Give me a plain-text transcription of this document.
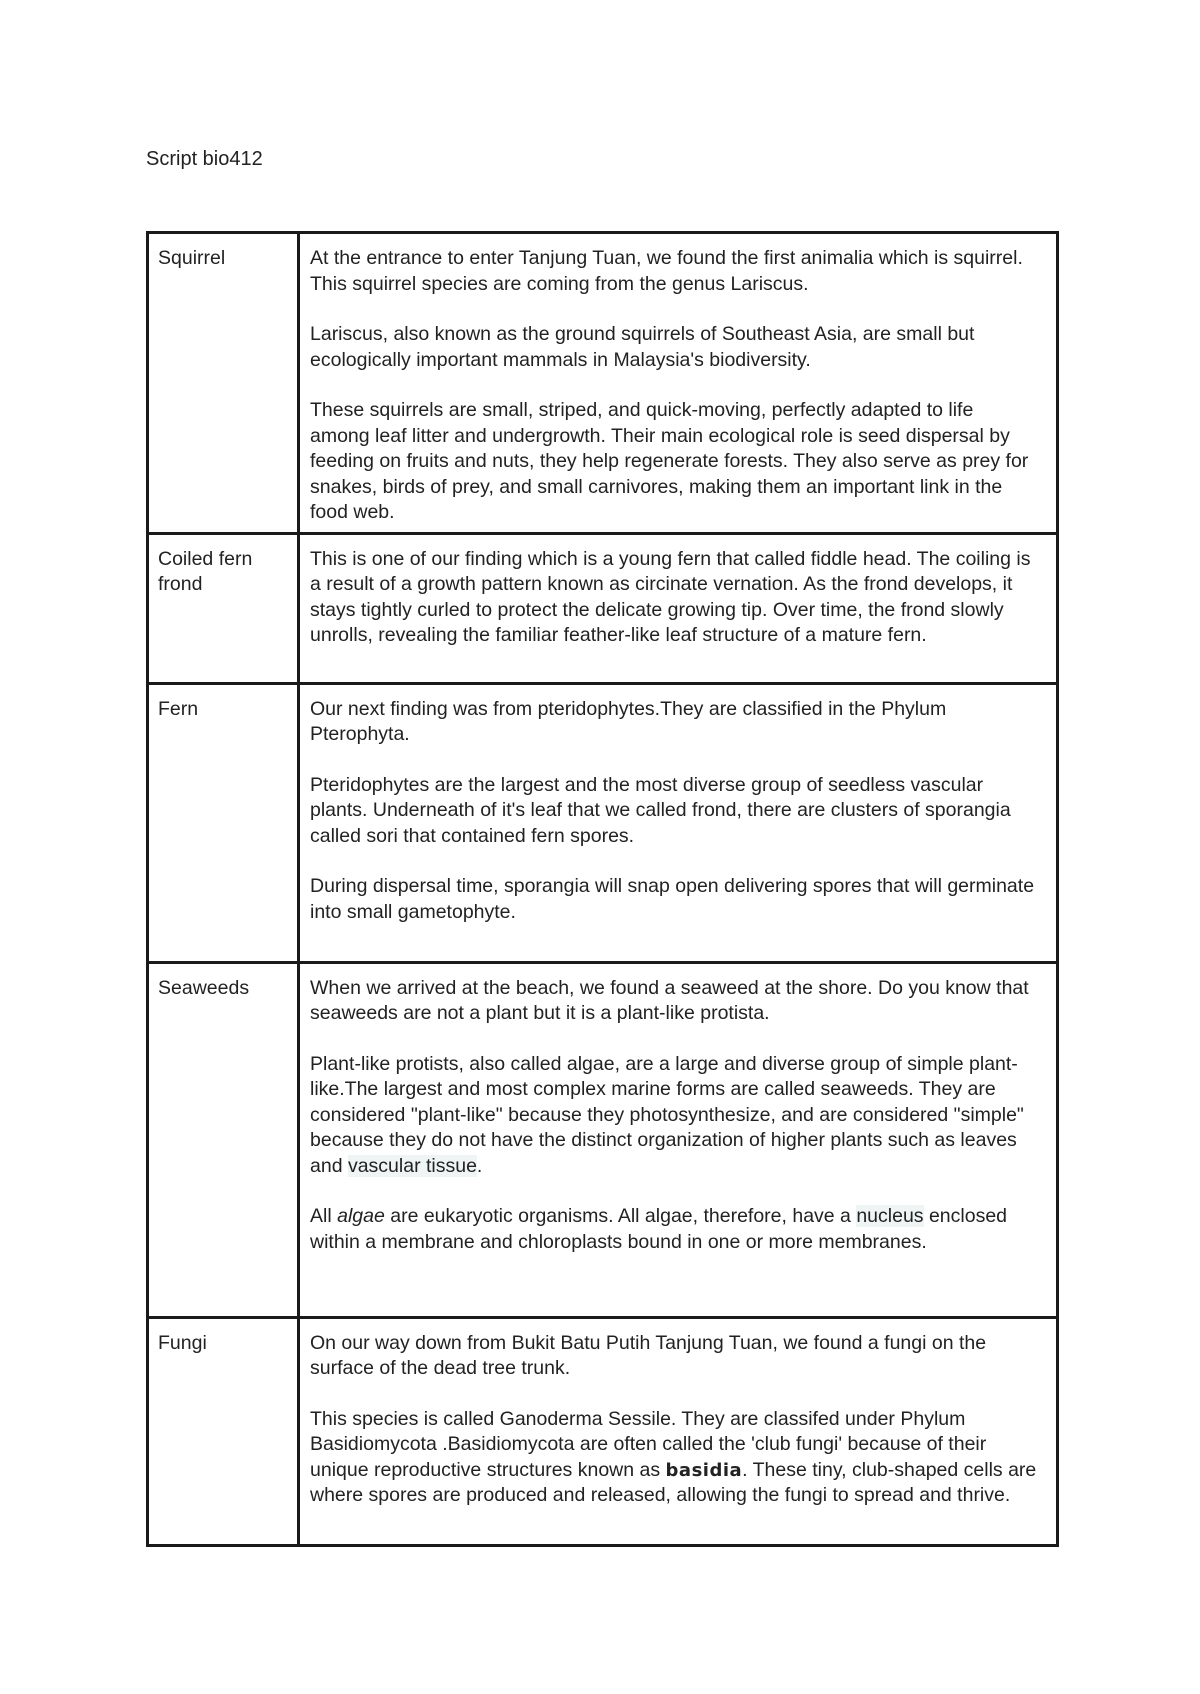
Script bio412
Squirrel	At the entrance to enter Tanjung Tuan, we found the first animalia which is squirrel. This squirrel species are coming from the genus Lariscus.

Lariscus, also known as the ground squirrels of Southeast Asia, are small but ecologically important mammals in Malaysia's biodiversity.

These squirrels are small, striped, and quick-moving, perfectly adapted to life among leaf litter and undergrowth. Their main ecological role is seed dispersal by feeding on fruits and nuts, they help regenerate forests. They also serve as prey for snakes, birds of prey, and small carnivores, making them an important link in the food web.

Coiled fern frond	This is one of our finding which is a young fern that called fiddle head. The coiling is a result of a growth pattern known as circinate vernation. As the frond develops, it stays tightly curled to protect the delicate growing tip. Over time, the frond slowly unrolls, revealing the familiar feather-like leaf structure of a mature fern.

Fern	Our next finding was from pteridophytes.They are classified in the Phylum Pterophyta.

Pteridophytes are the largest and the most diverse group of seedless vascular plants. Underneath of it's leaf that we called frond, there are clusters of sporangia called sori that contained fern spores.

During dispersal time, sporangia will snap open delivering spores that will germinate into small gametophyte.

Seaweeds	When we arrived at the beach, we found a seaweed at the shore. Do you know that seaweeds are not a plant but it is a plant-like protista.

Plant-like protists, also called algae, are a large and diverse group of simple plant-like.The largest and most complex marine forms are called seaweeds. They are considered "plant-like" because they photosynthesize, and are considered "simple" because they do not have the distinct organization of higher plants such as leaves and vascular tissue.

All algae are eukaryotic organisms. All algae, therefore, have a nucleus enclosed within a membrane and chloroplasts bound in one or more membranes.

Fungi	On our way down from Bukit Batu Putih Tanjung Tuan, we found a fungi on the surface of the dead tree trunk.

This species is called Ganoderma Sessile. They are classifed under Phylum Basidiomycota .Basidiomycota are often called the 'club fungi' because of their unique reproductive structures known as basidia. These tiny, club-shaped cells are where spores are produced and released, allowing the fungi to spread and thrive.
